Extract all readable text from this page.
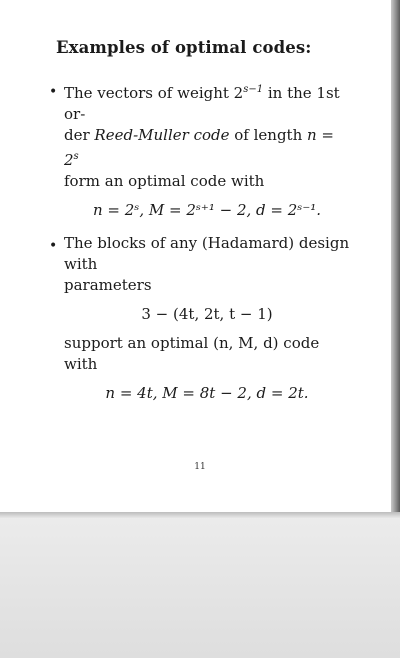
Examples of optimal codes:
• The vectors of weight $2^{s-1}$ in the 1st or-
der Reed-Muller code of length $n = 2^s$
form an optimal code with
n = 2ˢ, M = 2ˢ⁺¹ − 2, d = 2ˢ⁻¹.
• The blocks of any (Hadamard) design with
parameters
3 − (4t, 2t, t − 1)
support an optimal (n, M, d) code with
n = 4t, M = 8t − 2, d = 2t.
11
